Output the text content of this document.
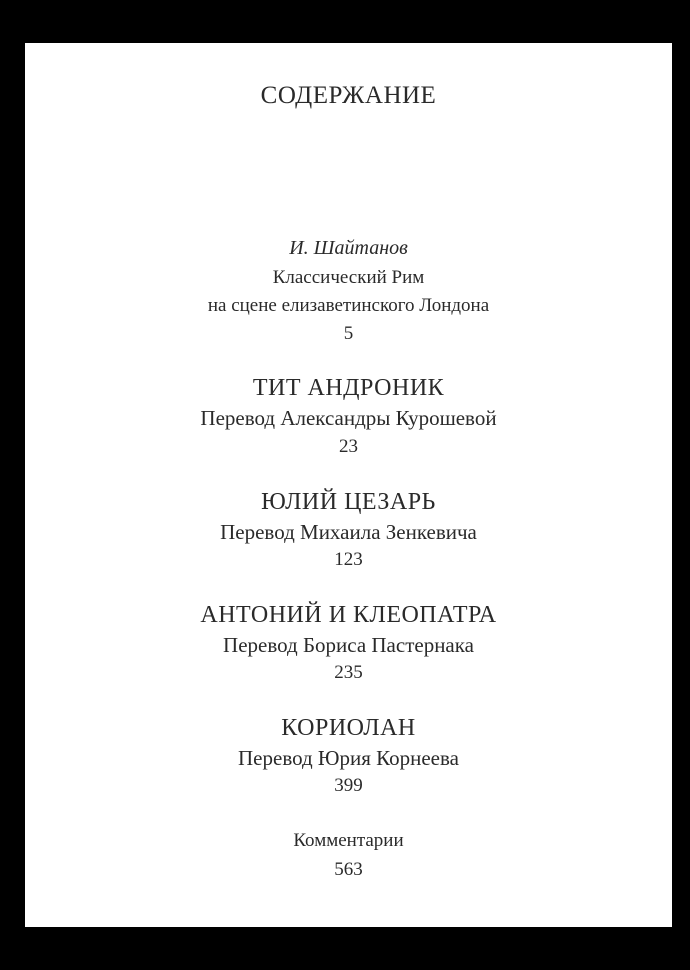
СОДЕРЖАНИЕ
И. Шайтанов
Классический Рим
на сцене елизаветинского Лондона
5
ТИТ АНДРОНИК
Перевод Александры Курошевой
23
ЮЛИЙ ЦЕЗАРЬ
Перевод Михаила Зенкевича
123
АНТОНИЙ И КЛЕОПАТРА
Перевод Бориса Пастернака
235
КОРИОЛАН
Перевод Юрия Корнеева
399
Комментарии
563
